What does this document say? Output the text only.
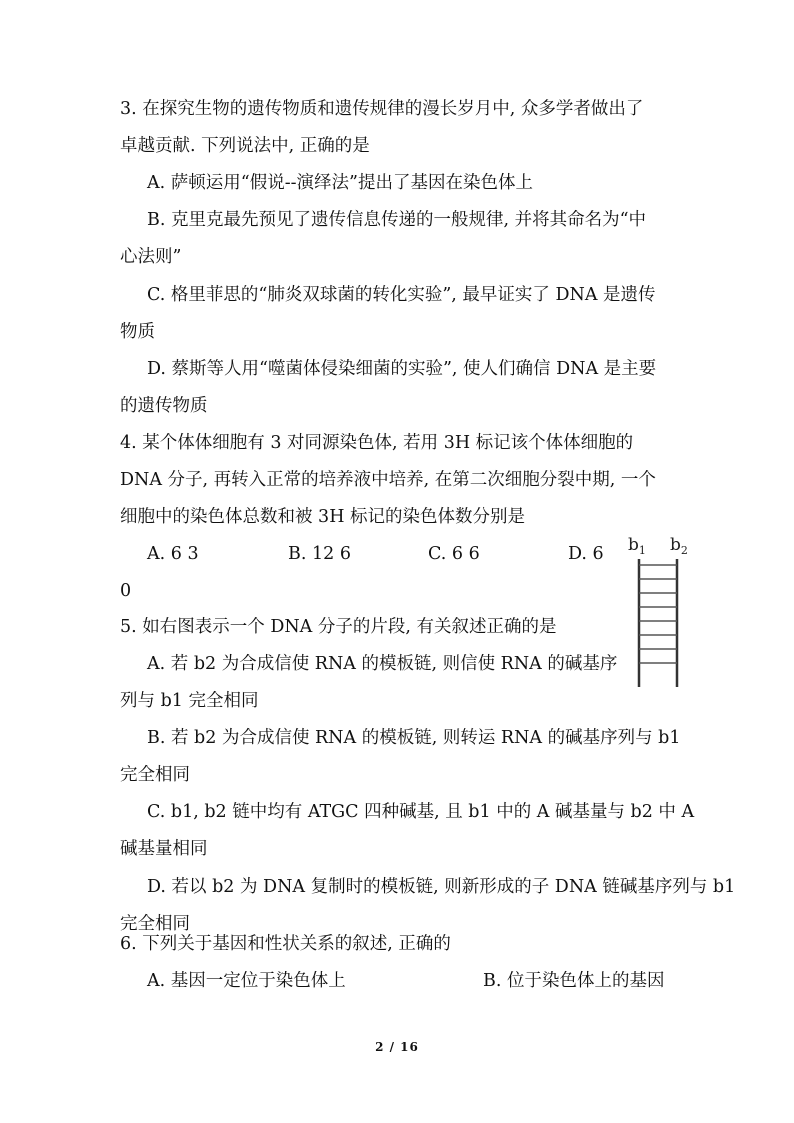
3. 在探究生物的遗传物质和遗传规律的漫长岁月中, 众多学者做出了
卓越贡献. 下列说法中, 正确的是
A. 萨顿运用“假说--演绎法”提出了基因在染色体上
B. 克里克最先预见了遗传信息传递的一般规律, 并将其命名为“中
心法则”
C. 格里菲思的“肺炎双球菌的转化实验”, 最早证实了 DNA 是遗传
物质
D. 蔡斯等人用“噬菌体侵染细菌的实验”, 使人们确信 DNA 是主要
的遗传物质
4. 某个体体细胞有 3 对同源染色体, 若用 3H 标记该个体体细胞的
DNA 分子, 再转入正常的培养液中培养, 在第二次细胞分裂中期, 一个
细胞中的染色体总数和被 3H 标记的染色体数分别是
A. 6 3	B. 12 6	C. 6 6	D. 6
0
5. 如右图表示一个 DNA 分子的片段, 有关叙述正确的是
A. 若 b2 为合成信使 RNA 的模板链, 则信使 RNA 的碱基序
列与 b1 完全相同
B. 若 b2 为合成信使 RNA 的模板链, 则转运 RNA 的碱基序列与 b1
完全相同
C. b1, b2 链中均有 ATGC 四种碱基, 且 b1 中的 A 碱基量与 b2 中 A
碱基量相同
D. 若以 b2 为 DNA 复制时的模板链, 则新形成的子 DNA 链碱基序列与 b1
完全相同
$b_1$ $b_2$
6. 下列关于基因和性状关系的叙述, 正确的
A. 基因一定位于染色体上	B. 位于染色体上的基因
2 / 16
